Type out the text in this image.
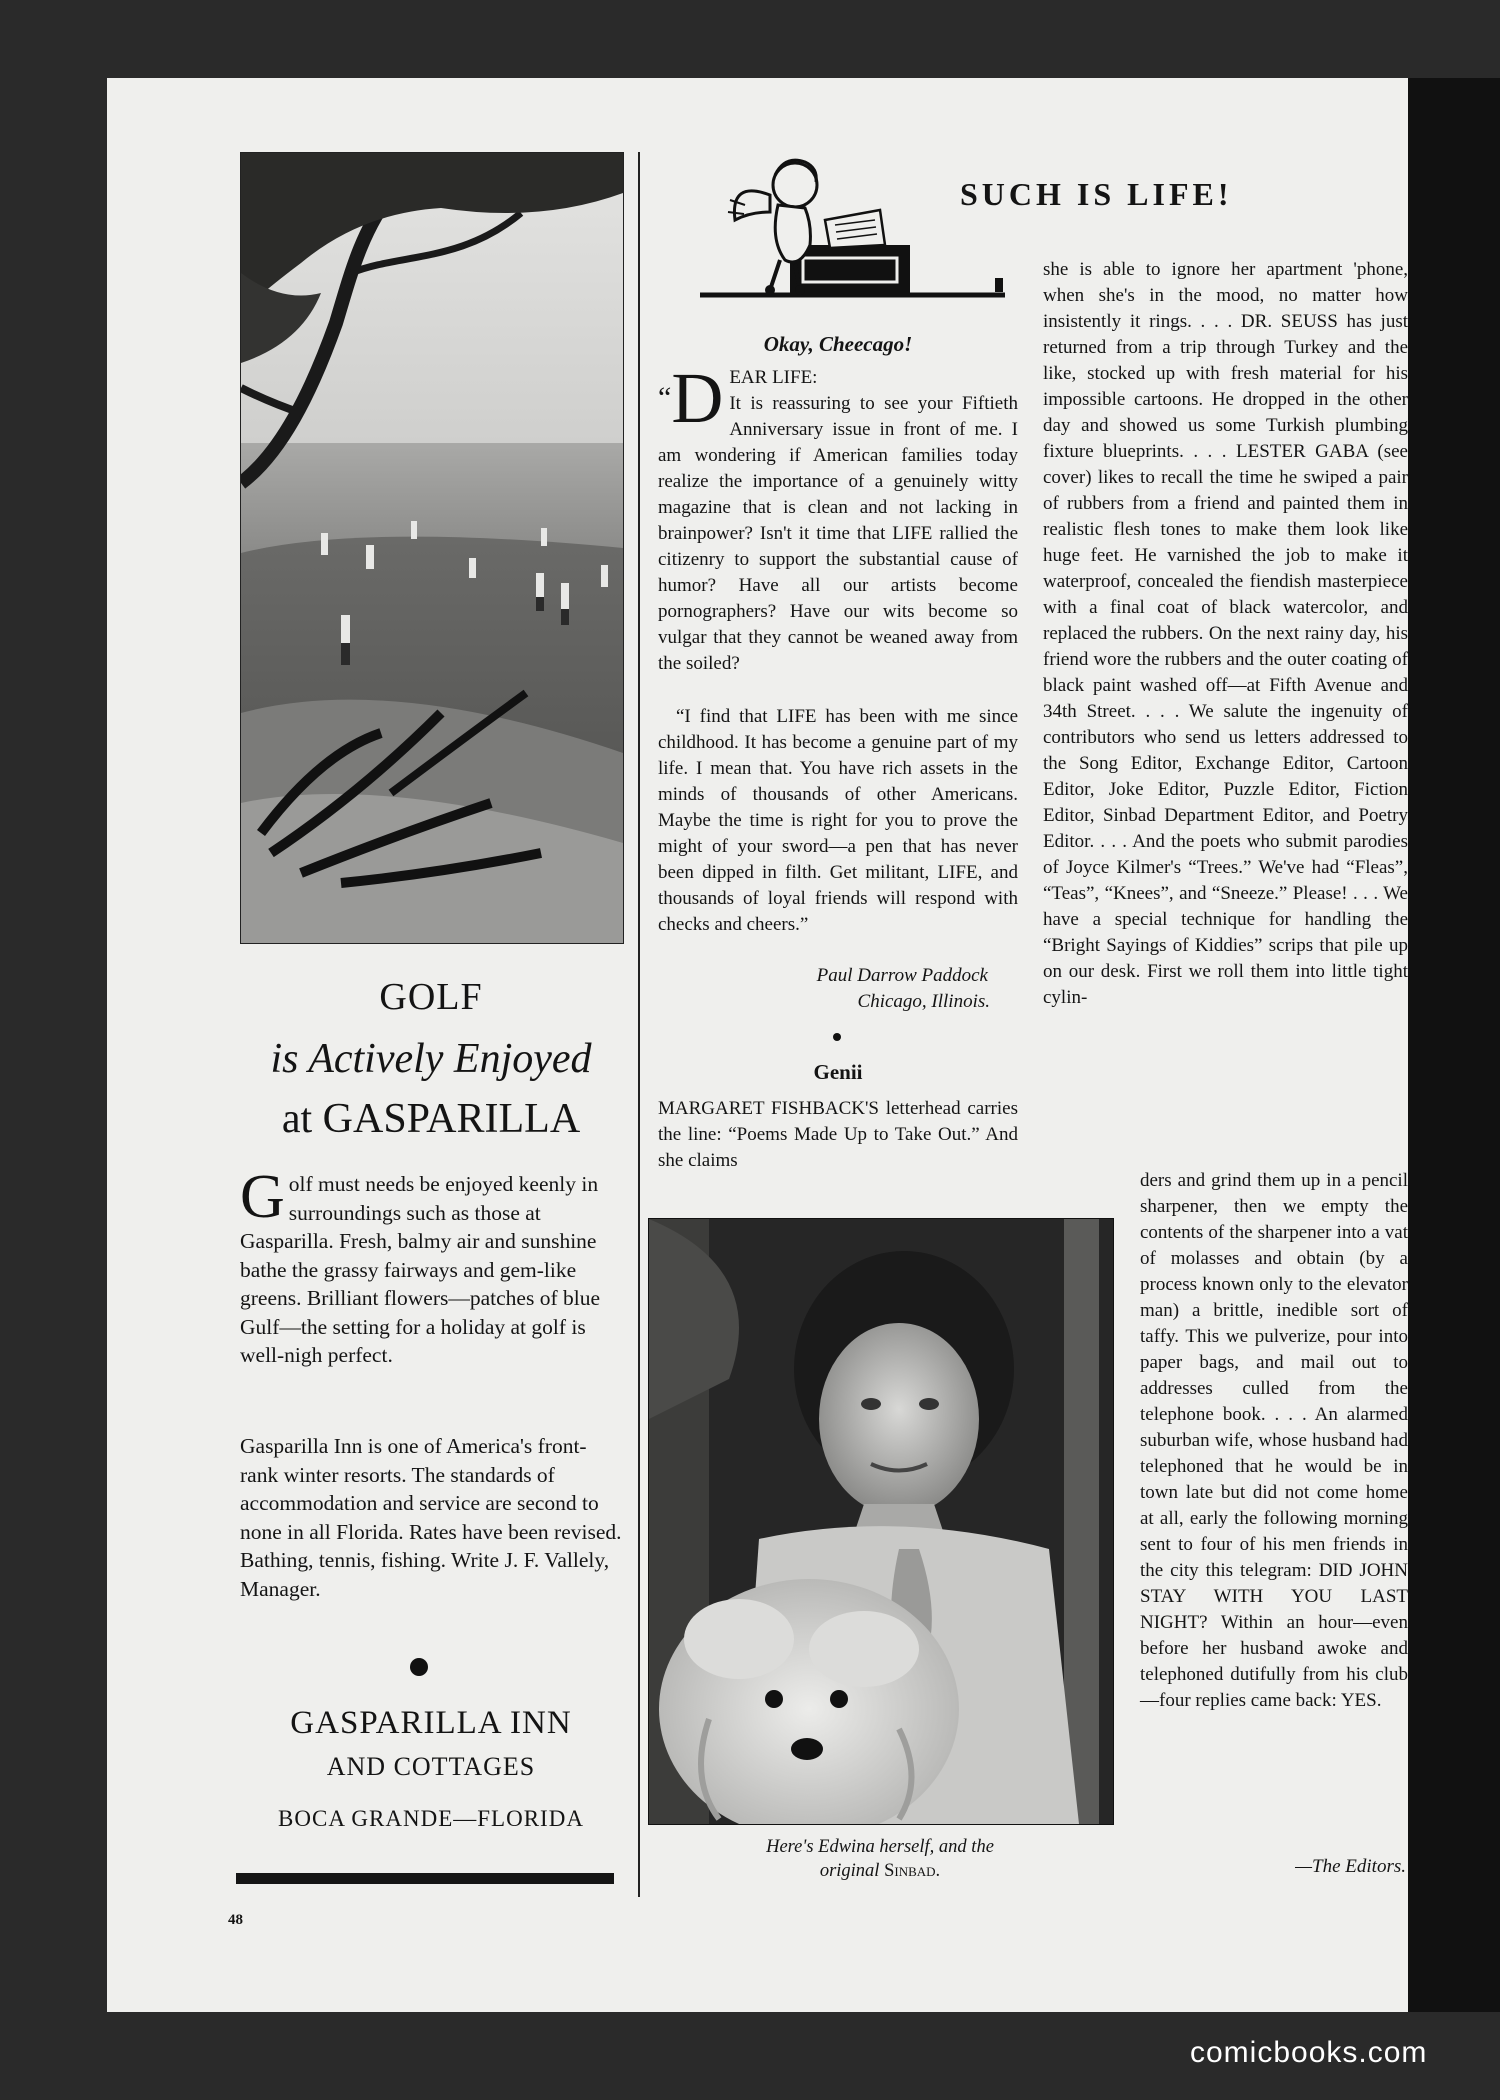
GOLF
is Actively Enjoyed
at GASPARILLA

Golf must needs be enjoyed keenly in surroundings such as those at Gasparilla. Fresh, balmy air and sunshine bathe the grassy fairways and gem-like greens. Brilliant flowers—patches of blue Gulf—the setting for a holiday at golf is well-nigh perfect.

Gasparilla Inn is one of America's front-rank winter resorts. The standards of accommodation and service are second to none in all Florida. Rates have been revised. Bathing, tennis, fishing. Write J. F. Vallely, Manager.

GASPARILLA INN
AND COTTAGES
BOCA GRANDE—FLORIDA
48
SUCH IS LIFE!
Okay, Cheecago!

“D EAR LIFE:
It is reassuring to see your Fiftieth Anniversary issue in front of me. I am wondering if American families today realize the importance of a genuinely witty magazine that is clean and not lacking in brainpower? Isn't it time that LIFE rallied the citizenry to support the substantial cause of humor? Have all our artists become pornographers? Have our wits become so vulgar that they cannot be weaned away from the soiled?

“I find that LIFE has been with me since childhood. It has become a genuine part of my life. I mean that. You have rich assets in the minds of thousands of other Americans. Maybe the time is right for you to prove the might of your sword—a pen that has never been dipped in filth. Get militant, LIFE, and thousands of loyal friends will respond with checks and cheers.”

Paul Darrow Paddock
Chicago, Illinois.
Genii

MARGARET FISHBACK'S letterhead carries the line: “Poems Made Up to Take Out.” And she claims

Here's Edwina herself, and the
original Sinbad.

she is able to ignore her apartment 'phone, when she's in the mood, no matter how insistently it rings. . . . DR. SEUSS has just returned from a trip through Turkey and the like, stocked up with fresh material for his impossible cartoons. He dropped in the other day and showed us some Turkish plumbing fixture blueprints. . . . LESTER GABA (see cover) likes to recall the time he swiped a pair of rubbers from a friend and painted them in realistic flesh tones to make them look like huge feet. He varnished the job to make it waterproof, concealed the fiendish masterpiece with a final coat of black watercolor, and replaced the rubbers. On the next rainy day, his friend wore the rubbers and the outer coating of black paint washed off—at Fifth Avenue and 34th Street. . . . We salute the ingenuity of contributors who send us letters addressed to the Song Editor, Exchange Editor, Cartoon Editor, Joke Editor, Puzzle Editor, Fiction Editor, Sinbad Department Editor, and Poetry Editor. . . . And the poets who submit parodies of Joyce Kilmer's “Trees.” We've had “Fleas”, “Teas”, “Knees”, and “Sneeze.” Please! . . . We have a special technique for handling the “Bright Sayings of Kiddies” scrips that pile up on our desk. First we roll them into little tight cylin-

ders and grind them up in a pencil sharpener, then we empty the contents of the sharpener into a vat of molasses and obtain (by a process known only to the elevator man) a brittle, inedible sort of taffy. This we pulverize, pour into paper bags, and mail out to addresses culled from the telephone book. . . . An alarmed suburban wife, whose husband had telephoned that he would be in town late but did not come home at all, early the following morning sent to four of his men friends in the city this telegram: DID JOHN STAY WITH YOU LAST NIGHT? Within an hour—even before her husband awoke and telephoned dutifully from his club—four replies came back: YES.

—The Editors.
comicbooks.com
